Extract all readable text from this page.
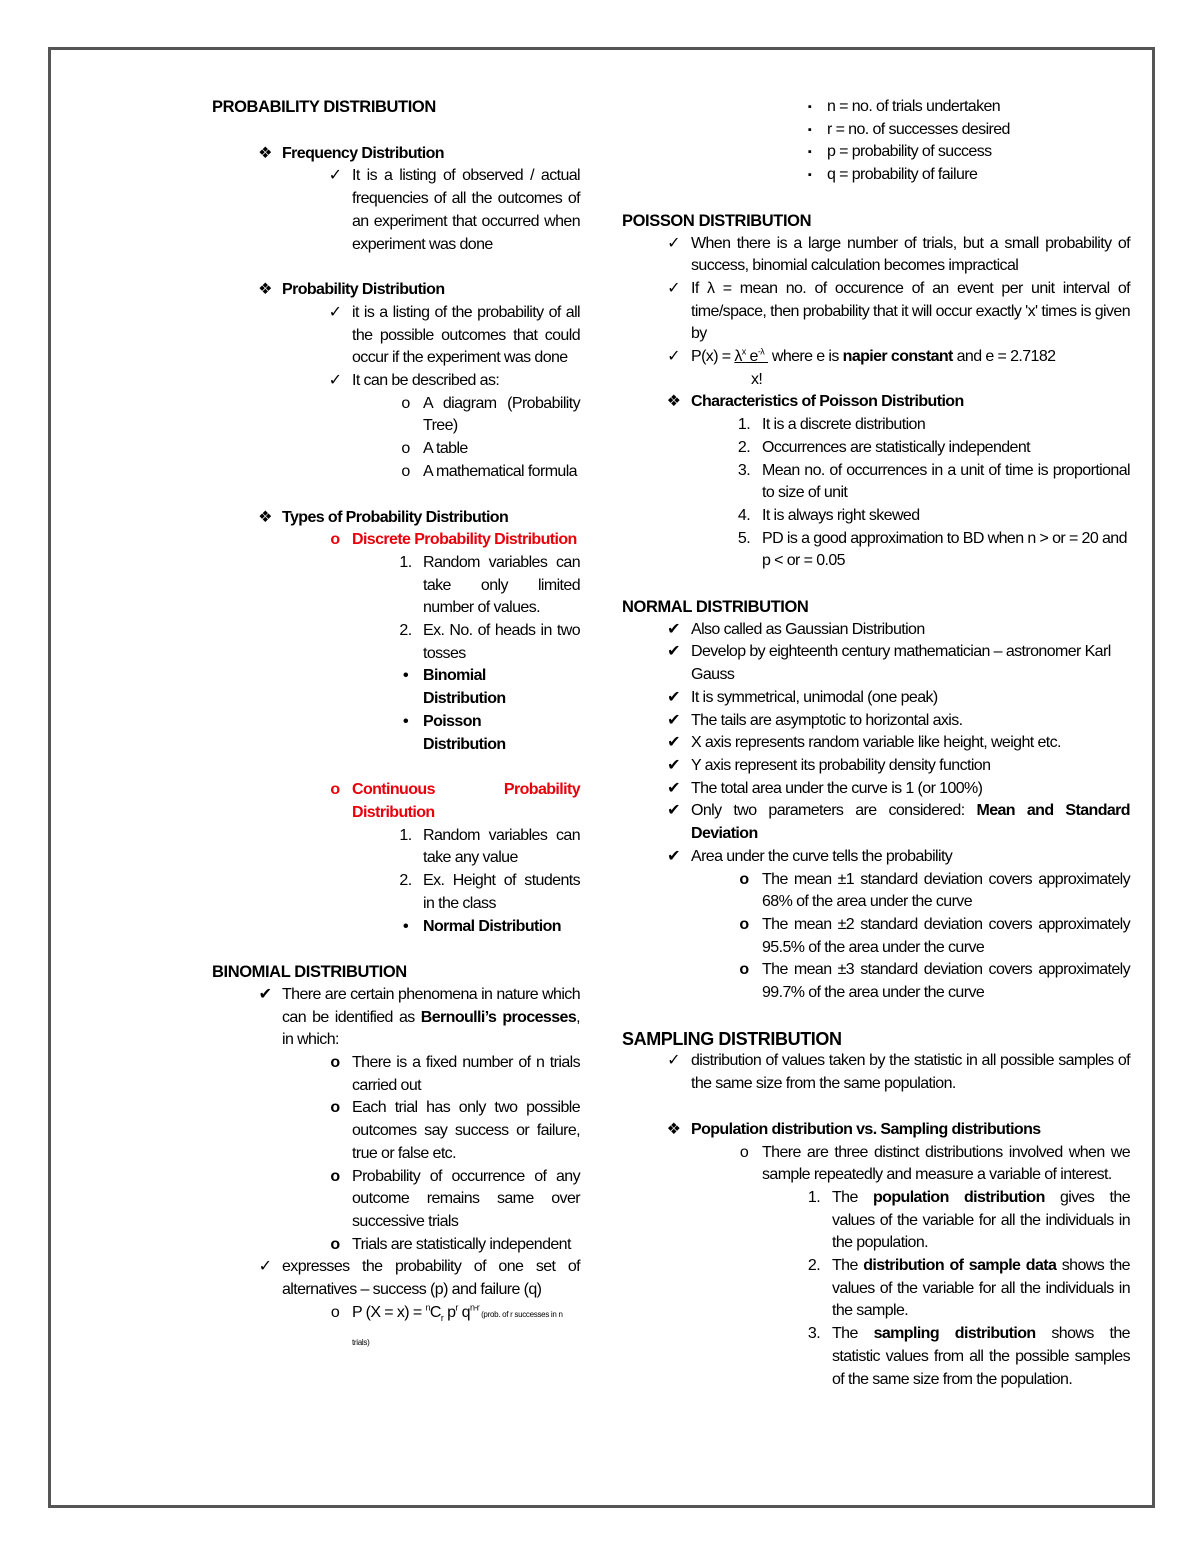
PROBABILITY DISTRIBUTION

❖ Frequency Distribution
✓ It is a listing of observed / actual frequencies of all the outcomes of an experiment that occurred when experiment was done
❖ Probability Distribution
✓ it is a listing of the probability of all the possible outcomes that could occur if the experiment was done
✓ It can be described as:
o A diagram (Probability Tree)
o A table
o A mathematical formula
❖ Types of Probability Distribution
o Discrete Probability Distribution
1. Random variables can take only limited number of values.
2. Ex. No. of heads in two tosses
• Binomial Distribution
• Poisson Distribution
o Continuous Probability Distribution
1. Random variables can take any value
2. Ex. Height of students in the class
• Normal Distribution

BINOMIAL DISTRIBUTION

✔ There are certain phenomena in nature which can be identified as Bernoulli’s processes, in which:
o There is a fixed number of n trials carried out
o Each trial has only two possible outcomes say success or failure, true or false etc.
o Probability of occurrence of any outcome remains same over successive trials
o Trials are statistically independent
✓ expresses the probability of one set of alternatives – success (p) and failure (q)
o P $(X = x) = ^nC_r$ $p^r$ $q^{n-r}$ (prob. of r successes in n trials)
▪ n = no. of trials undertaken
▪ r = no. of successes desired
▪ p = probability of success
▪ q = probability of failure

POISSON DISTRIBUTION

✓ When there is a large number of trials, but a small probability of success, binomial calculation becomes impractical
✓ If λ = mean no. of occurence of an event per unit interval of time/space, then probability that it will occur exactly 'x' times is given by
✓ $P(x) = \lambda^x$ $e^{-\lambda}$  where e is napier constant and e = 2.7182
x!
❖ Characteristics of Poisson Distribution
1. It is a discrete distribution
2. Occurrences are statistically independent
3. Mean no. of occurrences in a unit of time is proportional to size of unit
4. It is always right skewed
5. PD is a good approximation to BD when n > or = 20 and p < or = 0.05

NORMAL DISTRIBUTION

✔ Also called as Gaussian Distribution
✔ Develop by eighteenth century mathematician – astronomer Karl Gauss
✔ It is symmetrical, unimodal (one peak)
✔ The tails are asymptotic to horizontal axis.
✔ X axis represents random variable like height, weight etc.
✔ Y axis represent its probability density function
✔ The total area under the curve is 1 (or 100%)
✔ Only two parameters are considered: Mean and Standard Deviation
✔ Area under the curve tells the probability
o The mean ±1 standard deviation covers approximately 68% of the area under the curve
o The mean ±2 standard deviation covers approximately 95.5% of the area under the curve
o The mean ±3 standard deviation covers approximately 99.7% of the area under the curve

SAMPLING DISTRIBUTION

✓ distribution of values taken by the statistic in all possible samples of the same size from the same population.
❖ Population distribution vs. Sampling distributions
o There are three distinct distributions involved when we sample repeatedly and measure a variable of interest.
1. The population distribution gives the values of the variable for all the individuals in the population.
2. The distribution of sample data shows the values of the variable for all the individuals in the sample.
3. The sampling distribution shows the statistic values from all the possible samples of the same size from the population.
